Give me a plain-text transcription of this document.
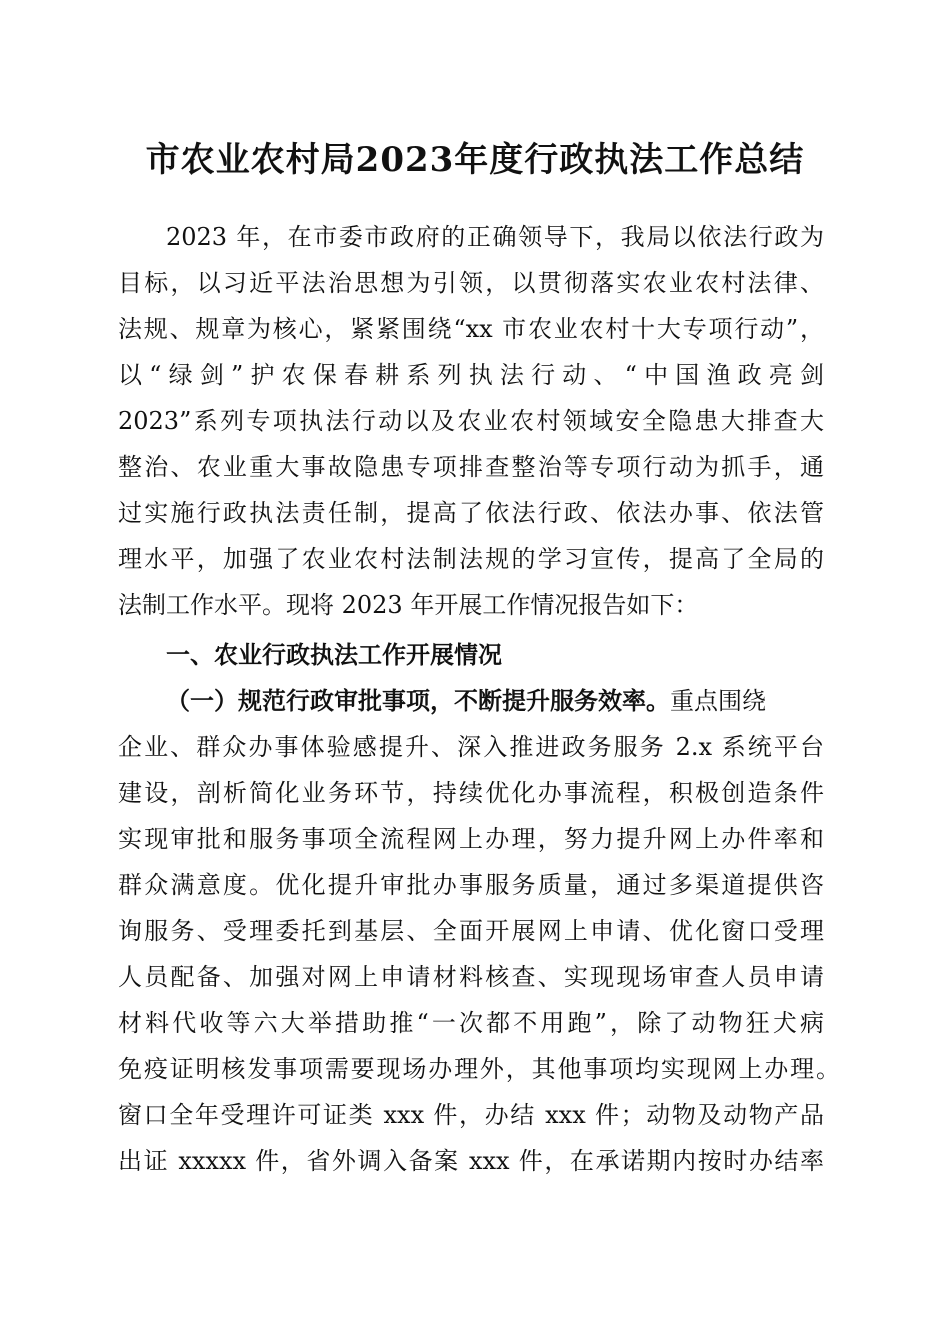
市农业农村局2023年度行政执法工作总结
2023 年，在市委市政府的正确领导下，我局以依法行政为
目标，以习近平法治思想为引领，以贯彻落实农业农村法律、
法规、规章为核心，紧紧围绕“xx 市农业农村十大专项行动”，
以“绿剑”护农保春耕系列执法行动、“中国渔政亮剑
2023”系列专项执法行动以及农业农村领域安全隐患大排查大
整治、农业重大事故隐患专项排查整治等专项行动为抓手，通
过实施行政执法责任制，提高了依法行政、依法办事、依法管
理水平，加强了农业农村法制法规的学习宣传，提高了全局的
法制工作水平。现将 2023 年开展工作情况报告如下：
一、农业行政执法工作开展情况
（一）规范行政审批事项，不断提升服务效率。重点围绕
企业、群众办事体验感提升、深入推进政务服务 2.x 系统平台
建设，剖析简化业务环节，持续优化办事流程，积极创造条件
实现审批和服务事项全流程网上办理，努力提升网上办件率和
群众满意度。优化提升审批办事服务质量，通过多渠道提供咨
询服务、受理委托到基层、全面开展网上申请、优化窗口受理
人员配备、加强对网上申请材料核查、实现现场审查人员申请
材料代收等六大举措助推“一次都不用跑”，除了动物狂犬病
免疫证明核发事项需要现场办理外，其他事项均实现网上办理。
窗口全年受理许可证类 xxx 件，办结 xxx 件；动物及动物产品
出证 xxxxx 件，省外调入备案 xxx 件，在承诺期内按时办结率
